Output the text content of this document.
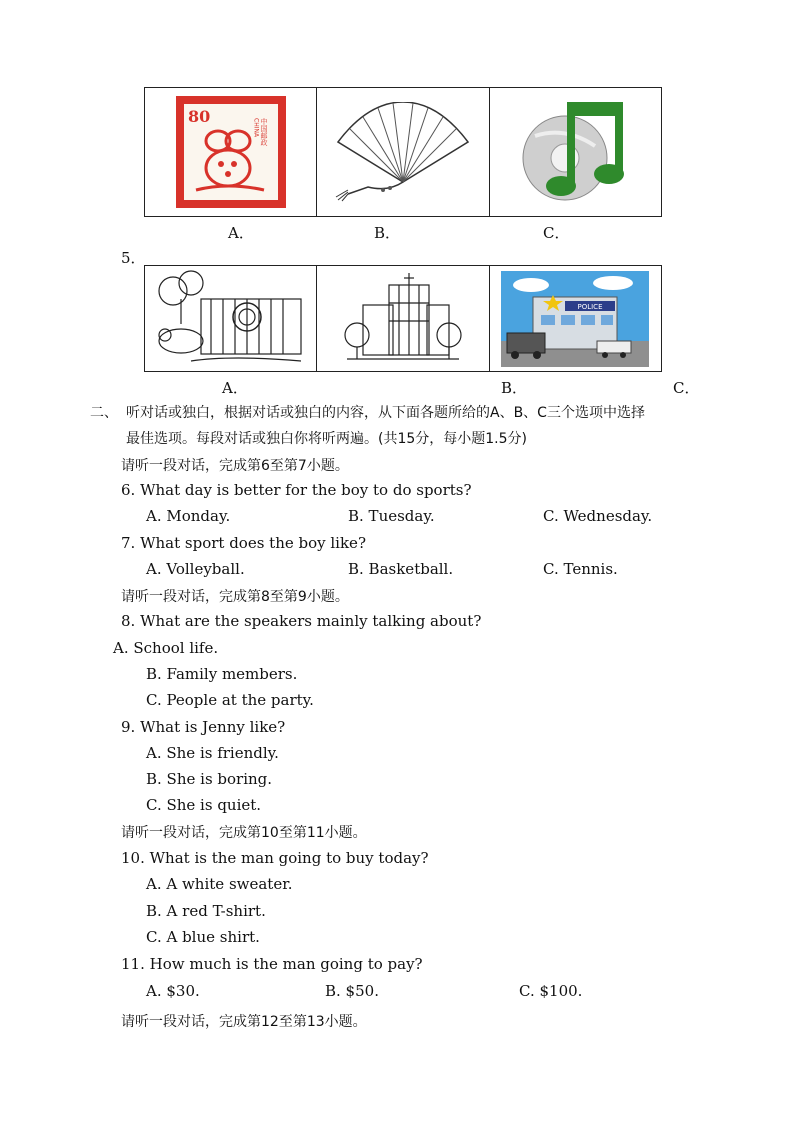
80
中国邮政
CHINA
A．	B．	C．
5．
POLICE
A．	B．	C．
二、 听对话或独白，根据对话或独白的内容，从下面各题所给的A、B、C三个选项中选择
最佳选项。每段对话或独白你将听两遍。(共15分，每小题1.5分)
请听一段对话，完成第6至第7小题。
6. What day is better for the boy to do sports?
A. Monday.	B. Tuesday.	C. Wednesday.
7. What sport does the boy like?
A. Volleyball.	B. Basketball.	C. Tennis.
请听一段对话，完成第8至第9小题。
8. What are the speakers mainly talking about?
A. School life.
B. Family members.
C. People at the party.
9. What is Jenny like?
A. She is friendly.
B. She is boring.
C. She is quiet.
请听一段对话，完成第10至第11小题。
10. What is the man going to buy today?
A. A white sweater.
B. A red T-shirt.
C. A blue shirt.
11. How much is the man going to pay?
A. $30.	B. $50.	C. $100.
请听一段对话，完成第12至第13小题。
